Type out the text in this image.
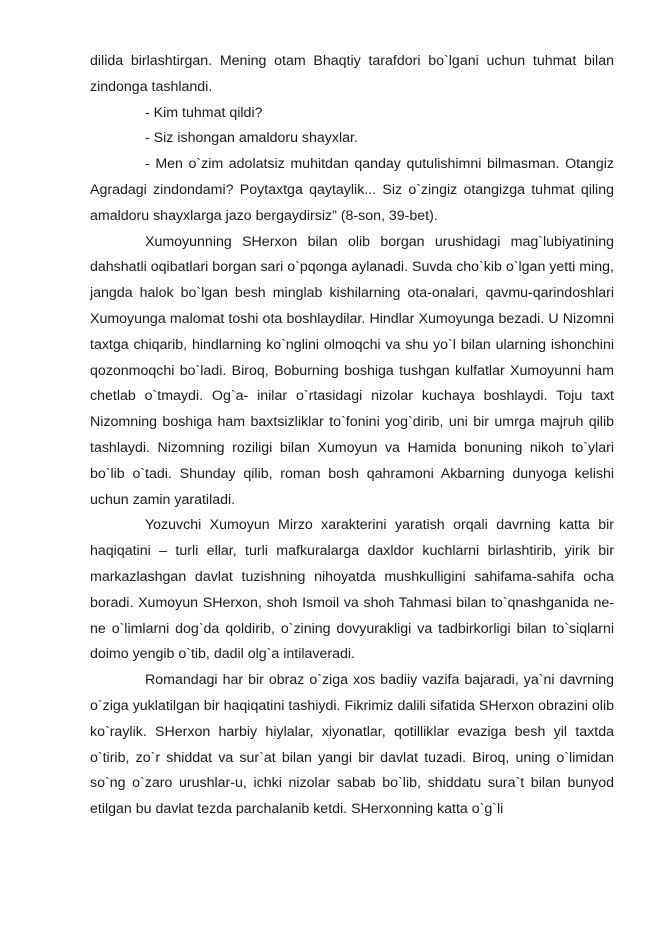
dilida birlashtirgan. Mening otam Bhaqtiy tarafdori bo`lgani uchun tuhmat bilan zindonga tashlandi.

- Kim tuhmat qildi?

- Siz ishongan amaldoru shayxlar.

- Men o`zim adolatsiz muhitdan qanday qutulishimni bilmasman. Otangiz Agradagi zindondami? Poytaxtga qaytaylik... Siz o`zingiz otangizga tuhmat qiling amaldoru shayxlarga jazo bergaydirsiz” (8-son, 39-bet).

Xumoyunning SHerxon bilan olib borgan urushidagi mag`lubiyatining dahshatli oqibatlari borgan sari o`pqonga aylanadi. Suvda cho`kib o`lgan yetti ming, jangda halok bo`lgan besh minglab kishilarning ota-onalari, qavmu-qarindoshlari Xumoyunga malomat toshi ota boshlaydilar. Hindlar Xumoyunga bezadi. U Nizomni taxtga chiqarib, hindlarning ko`nglini olmoqchi va shu yo`l bilan ularning ishonchini qozonmoqchi bo`ladi. Biroq, Boburning boshiga tushgan kulfatlar Xumoyunni ham chetlab o`tmaydi. Og`a- inilar o`rtasidagi nizolar kuchaya boshlaydi. Toju taxt Nizomning boshiga ham baxtsizliklar to`fonini yog`dirib, uni bir umrga majruh qilib tashlaydi. Nizomning roziligi bilan Xumoyun va Hamida bonuning nikoh to`ylari bo`lib o`tadi. Shunday qilib, roman bosh qahramoni Akbarning dunyoga kelishi uchun zamin yaratiladi.

Yozuvchi Xumoyun Mirzo xarakterini yaratish orqali davrning katta bir haqiqatini – turli ellar, turli mafkuralarga daxldor kuchlarni birlashtirib, yirik bir markazlashgan davlat tuzishning nihoyatda mushkulligini sahifama-sahifa ocha boradi. Xumoyun SHerxon, shoh Ismoil va shoh Tahmasi bilan to`qnashganida ne-ne o`limlarni dog`da qoldirib, o`zining dovyurakligi va tadbirkorligi bilan to`siqlarni doimo yengib o`tib, dadil olg`a intilaveradi.

Romandagi har bir obraz o`ziga xos badiiy vazifa bajaradi, ya`ni davrning o`ziga yuklatilgan bir haqiqatini tashiydi. Fikrimiz dalili sifatida SHerxon obrazini olib ko`raylik. SHerxon harbiy hiylalar, xiyonatlar, qotilliklar evaziga besh yil taxtda o`tirib, zo`r shiddat va sur`at bilan yangi bir davlat tuzadi. Biroq, uning o`limidan so`ng o`zaro urushlar-u, ichki nizolar sabab bo`lib, shiddatu sura`t bilan bunyod etilgan bu davlat tezda parchalanib ketdi. SHerxonning katta o`g`li
